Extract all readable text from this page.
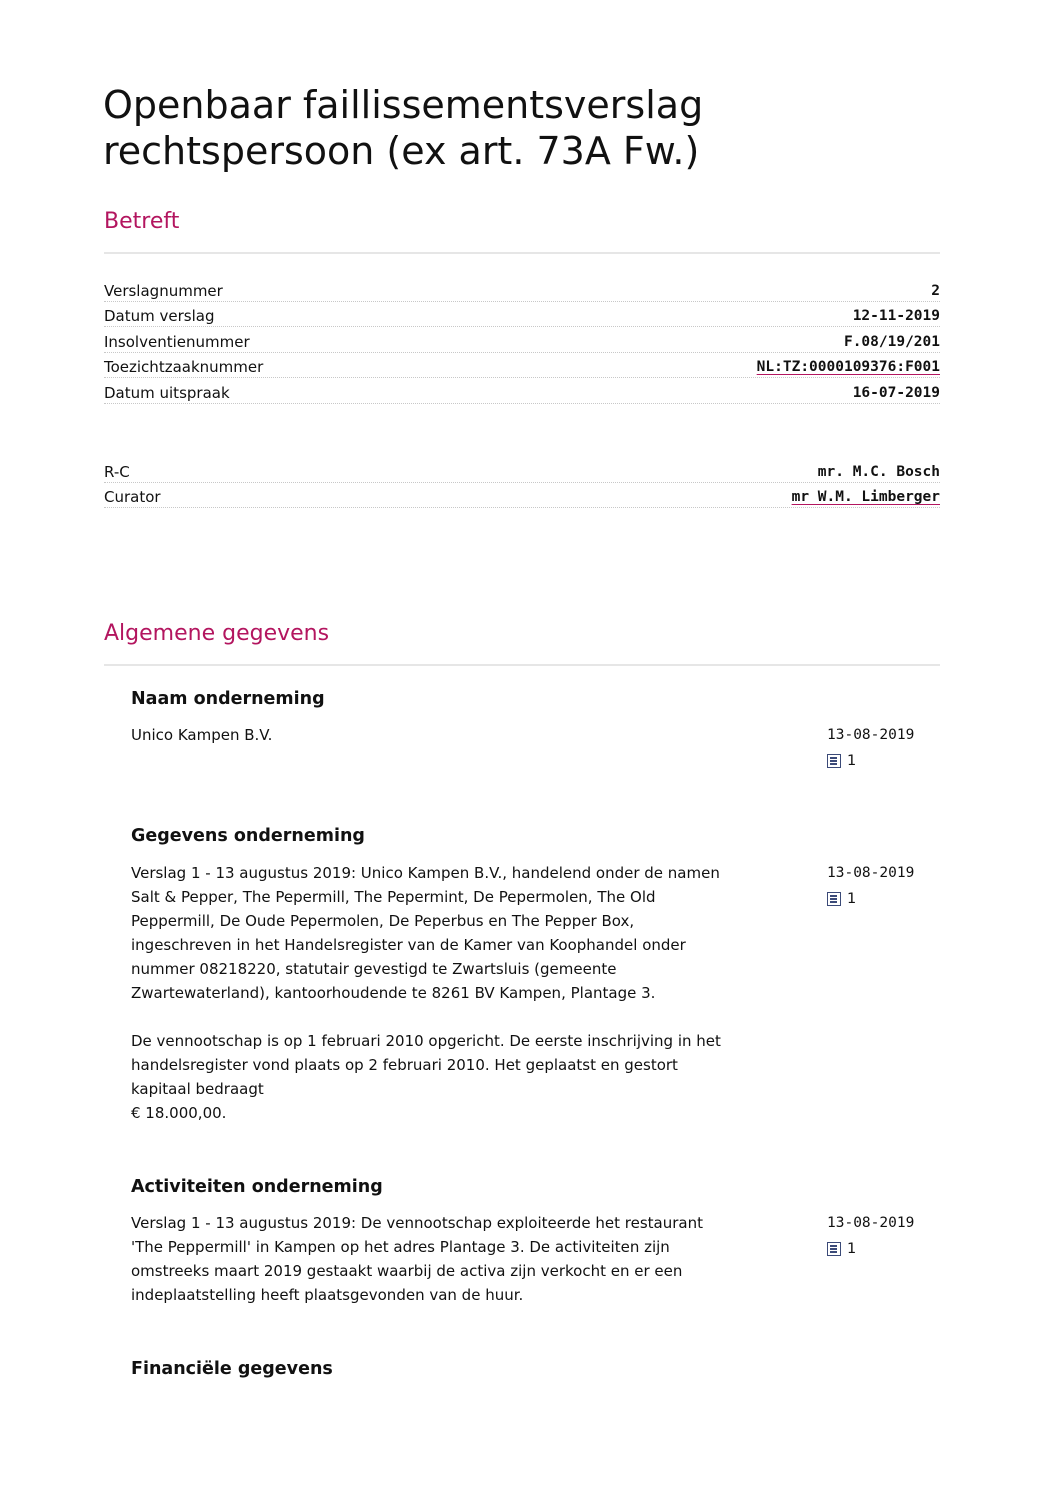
Openbaar faillissementsverslag
rechtspersoon (ex art. 73A Fw.)
Betreft
Verslagnummer	2
Datum verslag	12-11-2019
Insolventienummer	F.08/19/201
Toezichtzaaknummer	NL:TZ:0000109376:F001
Datum uitspraak	16-07-2019
R-C	mr. M.C. Bosch
Curator	mr W.M. Limberger
Algemene gegevens
Naam onderneming

Unico Kampen B.V.	13-08-2019
1
Gegevens onderneming

Verslag 1 - 13 augustus 2019: Unico Kampen B.V., handelend onder de namen
Salt & Pepper, The Pepermill, The Pepermint, De Pepermolen, The Old
Peppermill, De Oude Pepermolen, De Peperbus en The Pepper Box,
ingeschreven in het Handelsregister van de Kamer van Koophandel onder
nummer 08218220, statutair gevestigd te Zwartsluis (gemeente
Zwartewaterland), kantoorhoudende te 8261 BV Kampen, Plantage 3.

De vennootschap is op 1 februari 2010 opgericht. De eerste inschrijving in het
handelsregister vond plaats op 2 februari 2010. Het geplaatst en gestort
kapitaal bedraagt
€ 18.000,00.

13-08-2019
1
Activiteiten onderneming

Verslag 1 - 13 augustus 2019: De vennootschap exploiteerde het restaurant
'The Peppermill' in Kampen op het adres Plantage 3. De activiteiten zijn
omstreeks maart 2019 gestaakt waarbij de activa zijn verkocht en er een
indeplaatstelling heeft plaatsgevonden van de huur.

13-08-2019
1
Financiële gegevens
